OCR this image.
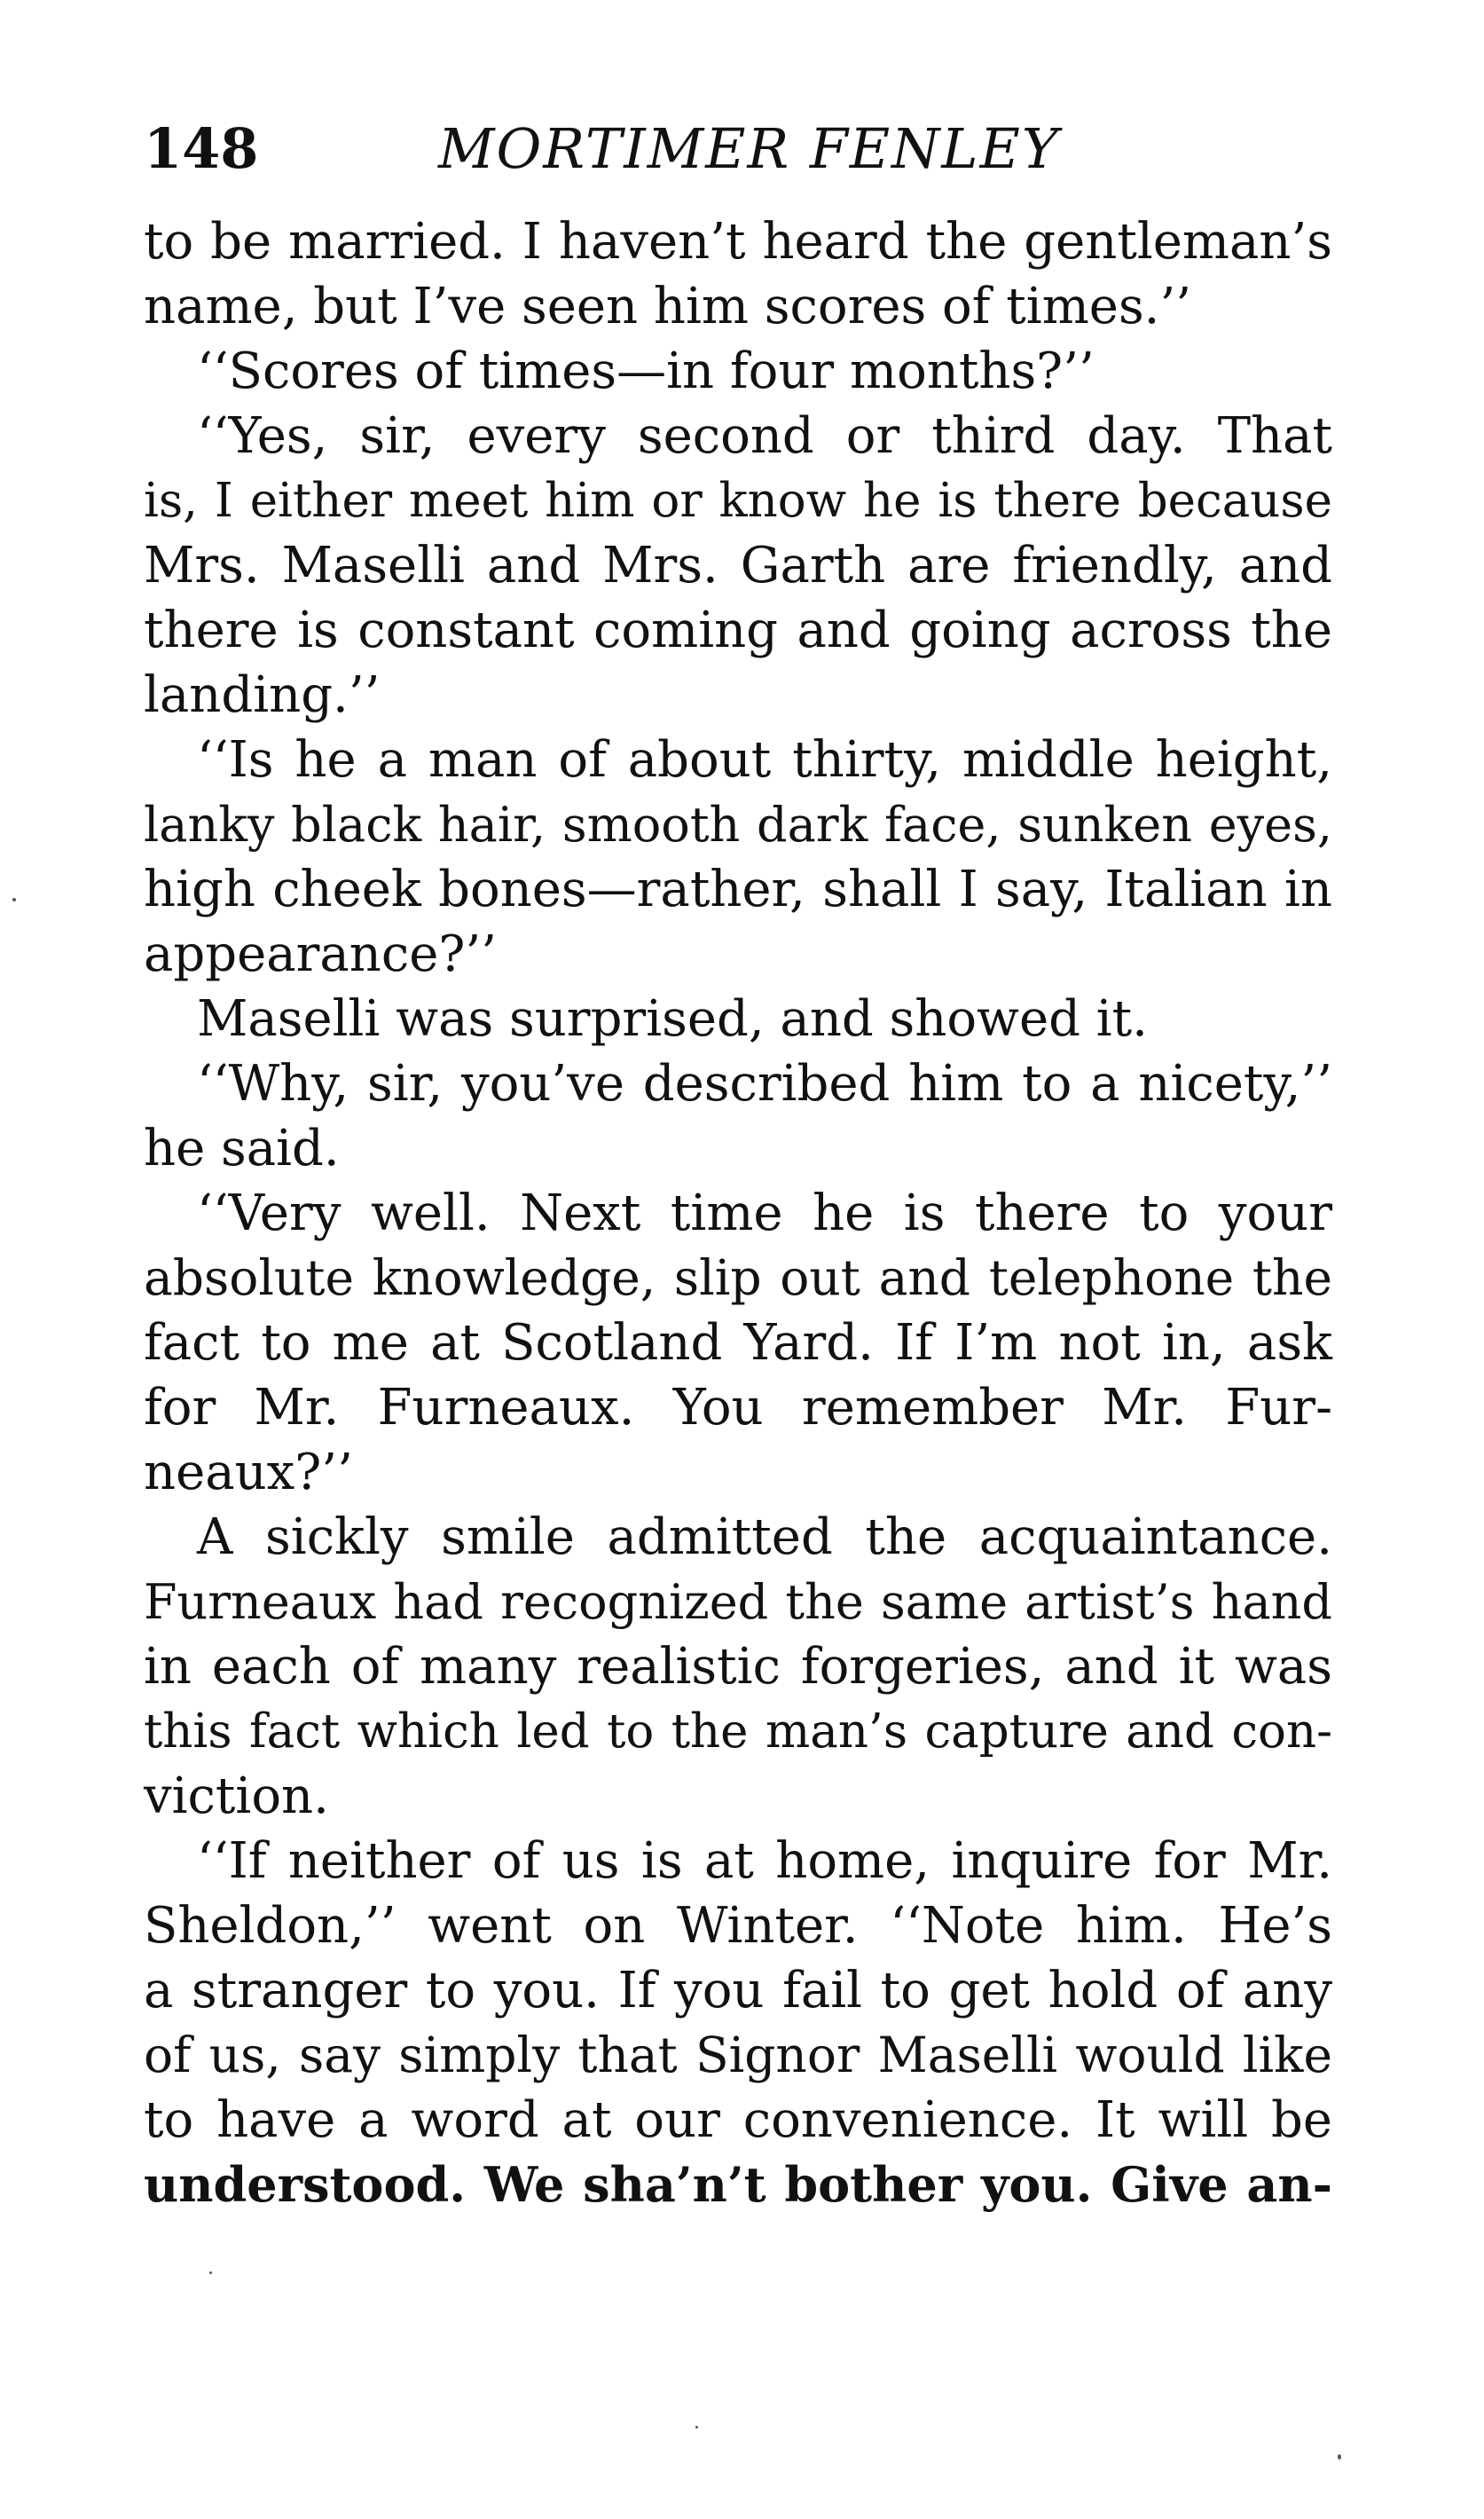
148	MORTIMER FENLEY
to be married. I haven’t heard the gentleman’s
name, but I’ve seen him scores of times.’’
‘‘Scores of times—in four months?’’
‘‘Yes, sir, every second or third day. That
is, I either meet him or know he is there because
Mrs. Maselli and Mrs. Garth are friendly, and
there is constant coming and going across the
landing.’’
‘‘Is he a man of about thirty, middle height,
lanky black hair, smooth dark face, sunken eyes,
high cheek bones—rather, shall I say, Italian in
appearance?’’
Maselli was surprised, and showed it.
‘‘Why, sir, you’ve described him to a nicety,’’
he said.
‘‘Very well. Next time he is there to your
absolute knowledge, slip out and telephone the
fact to me at Scotland Yard. If I’m not in, ask
for Mr. Furneaux. You remember Mr. Fur-
neaux?’’
A sickly smile admitted the acquaintance.
Furneaux had recognized the same artist’s hand
in each of many realistic forgeries, and it was
this fact which led to the man’s capture and con-
viction.
‘‘If neither of us is at home, inquire for Mr.
Sheldon,’’ went on Winter. ‘‘Note him. He’s
a stranger to you. If you fail to get hold of any
of us, say simply that Signor Maselli would like
to have a word at our convenience. It will be
understood. We sha’n’t bother you. Give an-
